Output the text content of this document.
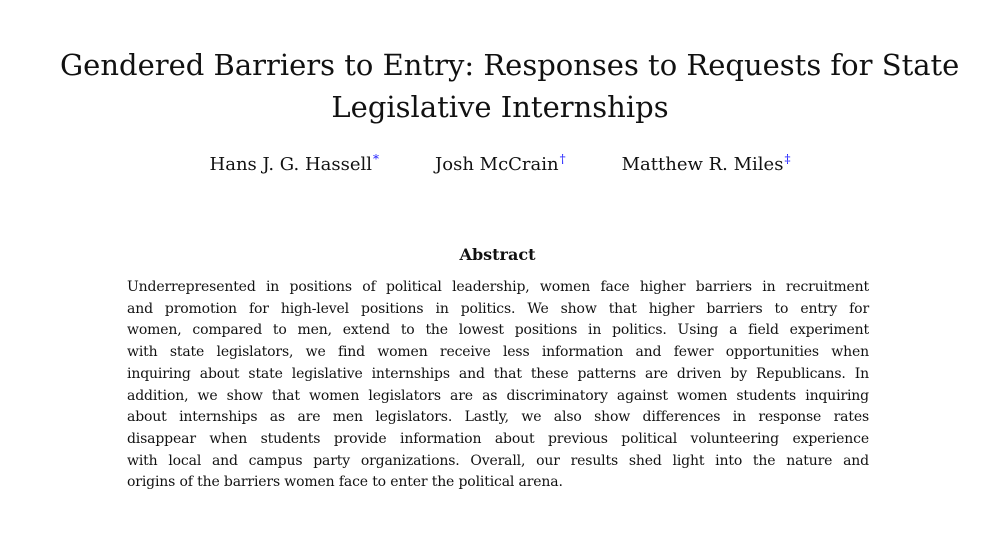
Gendered Barriers to Entry: Responses to Requests for State
Legislative Internships
Hans J. G. Hassell*	Josh McCrain†	Matthew R. Miles‡
Abstract

Underrepresented in positions of political leadership, women face higher barriers in recruitment
and promotion for high-level positions in politics. We show that higher barriers to entry for
women, compared to men, extend to the lowest positions in politics. Using a field experiment
with state legislators, we find women receive less information and fewer opportunities when
inquiring about state legislative internships and that these patterns are driven by Republicans. In
addition, we show that women legislators are as discriminatory against women students inquiring
about internships as are men legislators. Lastly, we also show differences in response rates
disappear when students provide information about previous political volunteering experience
with local and campus party organizations. Overall, our results shed light into the nature and
origins of the barriers women face to enter the political arena.
